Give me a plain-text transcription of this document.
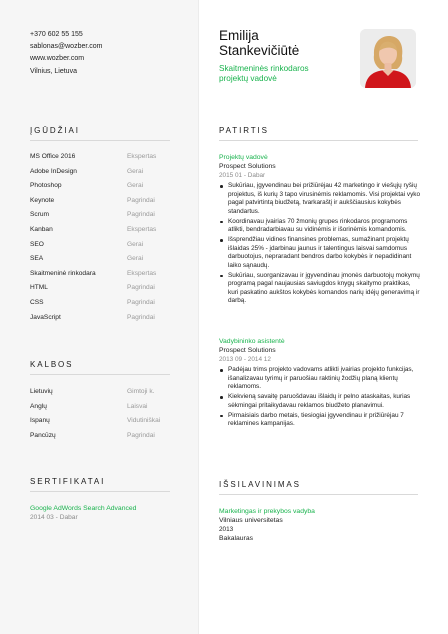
+370 602 55 155
sablonas@wozber.com
www.wozber.com
Vilnius, Lietuva
ĮGŪDŽIAI
MS Office 2016	Ekspertas
Adobe InDesign	Gerai
Photoshop	Gerai
Keynote	Pagrindai
Scrum	Pagrindai
Kanban	Ekspertas
SEO	Gerai
SEA	Gerai
Skaitmeninė rinkodara	Ekspertas
HTML	Pagrindai
CSS	Pagrindai
JavaScript	Pagrindai
KALBOS
Lietuvių	Gimtoji k.
Anglų	Laisvai
Ispanų	Vidutiniškai
Pancūzų	Pagrindai
SERTIFIKATAI
Google AdWords Search Advanced
2014 03 - Dabar
Emilija
Stankevičiūtė
Skaitmeninės rinkodaros
projektų vadovė
PATIRTIS
Projektų vadovė
Prospect Solutions
2015 01 - Dabar
Sukūriau, įgyvendinau bei prižiūrėjau 42 marketingo ir viešųjų ryšių projektus, iš kurių 3 tapo virusinėmis reklamomis. Visi projektai vyko pagal patvirtintą biudžetą, tvarkaraštį ir aukščiausius kokybės standartus.
Koordinavau įvairias 70 žmonių grupes rinkodaros programoms atlikti, bendradarbiavau su vidinėmis ir išorinėmis komandomis.
Išsprendžiau vidines finansines problemas, sumažinant projektų išlaidas 25% - įdarbinau jaunus ir talentingus laisvai samdomus darbuotojus, nepraradant bendros darbo kokybės ir nepadidinant laiko sąnaudų.
Sukūriau, suorganizavau ir įgyvendinau įmonės darbuotojų mokymų programą pagal naujausias saviugdos knygų skaitymo praktikas, kuri paskatino aukštos kokybės komandos narių idėjų generavimą ir darbą.
Vadybininko asistentė
Prospect Solutions
2013 09 - 2014 12
Padėjau trims projekto vadovams atlikti įvairias projekto funkcijas, išanalizavau tyrimų ir paruošiau raktinių žodžių planą klientų reklamoms.
Kiekvieną savaitę paruošdavau išlaidų ir pelno ataskaitas, kurias sėkmingai pritaikydavau reklamos biudžeto planavimui.
Pirmaisiais darbo metais, tiesiogiai įgyvendinau ir prižiūrėjau 7 reklamines kampanijas.
IŠSILAVINIMAS
Marketingas ir prekybos vadyba
Vilniaus universitetas
2013
Bakalauras
